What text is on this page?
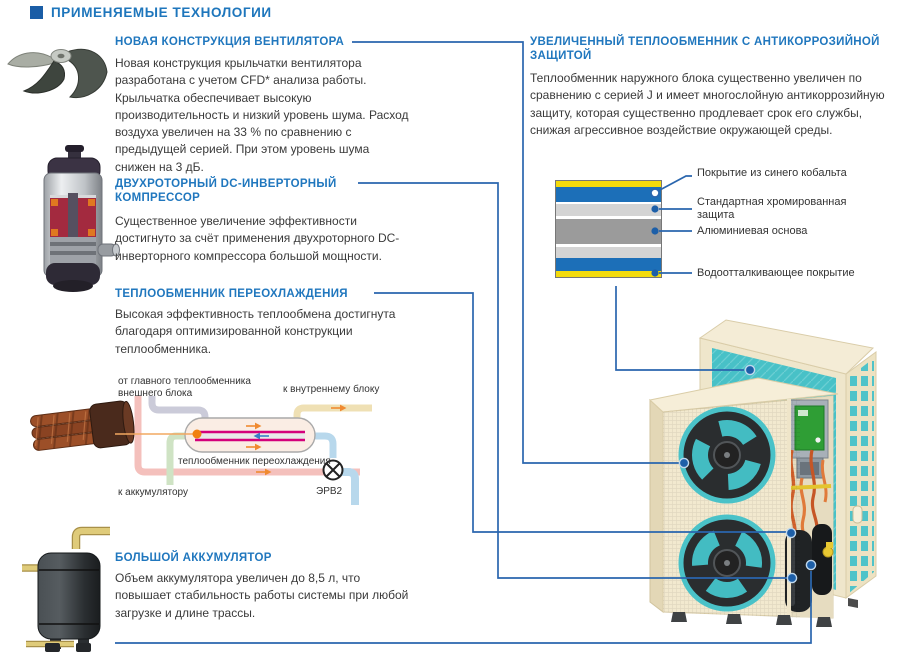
ПРИМЕНЯЕМЫЕ ТЕХНОЛОГИИ
НОВАЯ КОНСТРУКЦИЯ ВЕНТИЛЯТОРА
Новая конструкция крыльчатки вентилятора разработана с учетом CFD* анализа работы. Крыльчатка обеспечивает высокую производительность и низкий уровень шума. Расход воздуха увеличен на 33 % по сравнению с предыдущей серией. При этом уровень шума снижен на 3 дБ.
ДВУХРОТОРНЫЙ DC-ИНВЕРТОРНЫЙ КОМПРЕССОР
Существенное увеличение эффективности достигнуто за счёт применения двухроторного DC-инверторного компрессора большой мощности.
ТЕПЛООБМЕННИК ПЕРЕОХЛАЖДЕНИЯ
Высокая эффективность теплообмена достигнута благодаря оптимизированной конструкции теплообменника.
БОЛЬШОЙ АККУМУЛЯТОР
Объем аккумулятора увеличен до 8,5 л, что повышает стабильность работы системы при любой загрузке и длине трассы.
УВЕЛИЧЕННЫЙ ТЕПЛООБМЕННИК С АНТИКОРРОЗИЙНОЙ ЗАЩИТОЙ
Теплообменник наружного блока существенно увеличен по сравнению с серией J и имеет многослойную антикоррозийную защиту, которая существенно продлевает срок его службы, снижая агрессивное воздействие окружающей среды.
Покрытие из синего кобальта
Стандартная хромированная защита
Алюминиевая основа
Водоотталкивающее покрытие
от главного теплообменника внешнего блока	к внутреннему блоку
теплообменник переохлаждения
к аккумулятору	ЭРВ2
